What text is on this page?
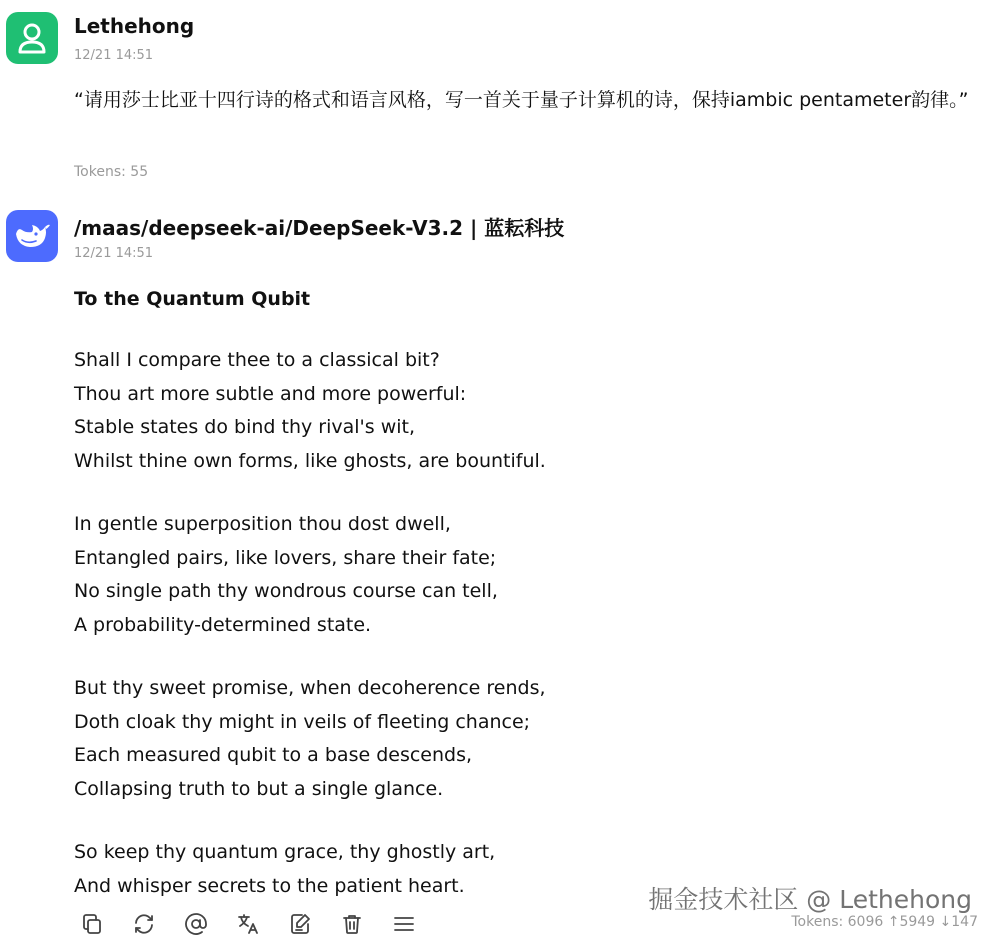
Lethehong
12/21 14:51
“请用莎士比亚十四行诗的格式和语言风格，写一首关于量子计算机的诗，保持iambic pentameter韵律。”
Tokens: 55
/maas/deepseek-ai/DeepSeek-V3.2 | 蓝耘科技
12/21 14:51
To the Quantum Qubit
Shall I compare thee to a classical bit?
Thou art more subtle and more powerful:
Stable states do bind thy rival's wit,
Whilst thine own forms, like ghosts, are bountiful.
In gentle superposition thou dost dwell,
Entangled pairs, like lovers, share their fate;
No single path thy wondrous course can tell,
A probability-determined state.
But thy sweet promise, when decoherence rends,
Doth cloak thy might in veils of fleeting chance;
Each measured qubit to a base descends,
Collapsing truth to but a single glance.
So keep thy quantum grace, thy ghostly art,
And whisper secrets to the patient heart.	掘金技术社区 @ Lethehong
Tokens: 6096 ↑5949 ↓147
